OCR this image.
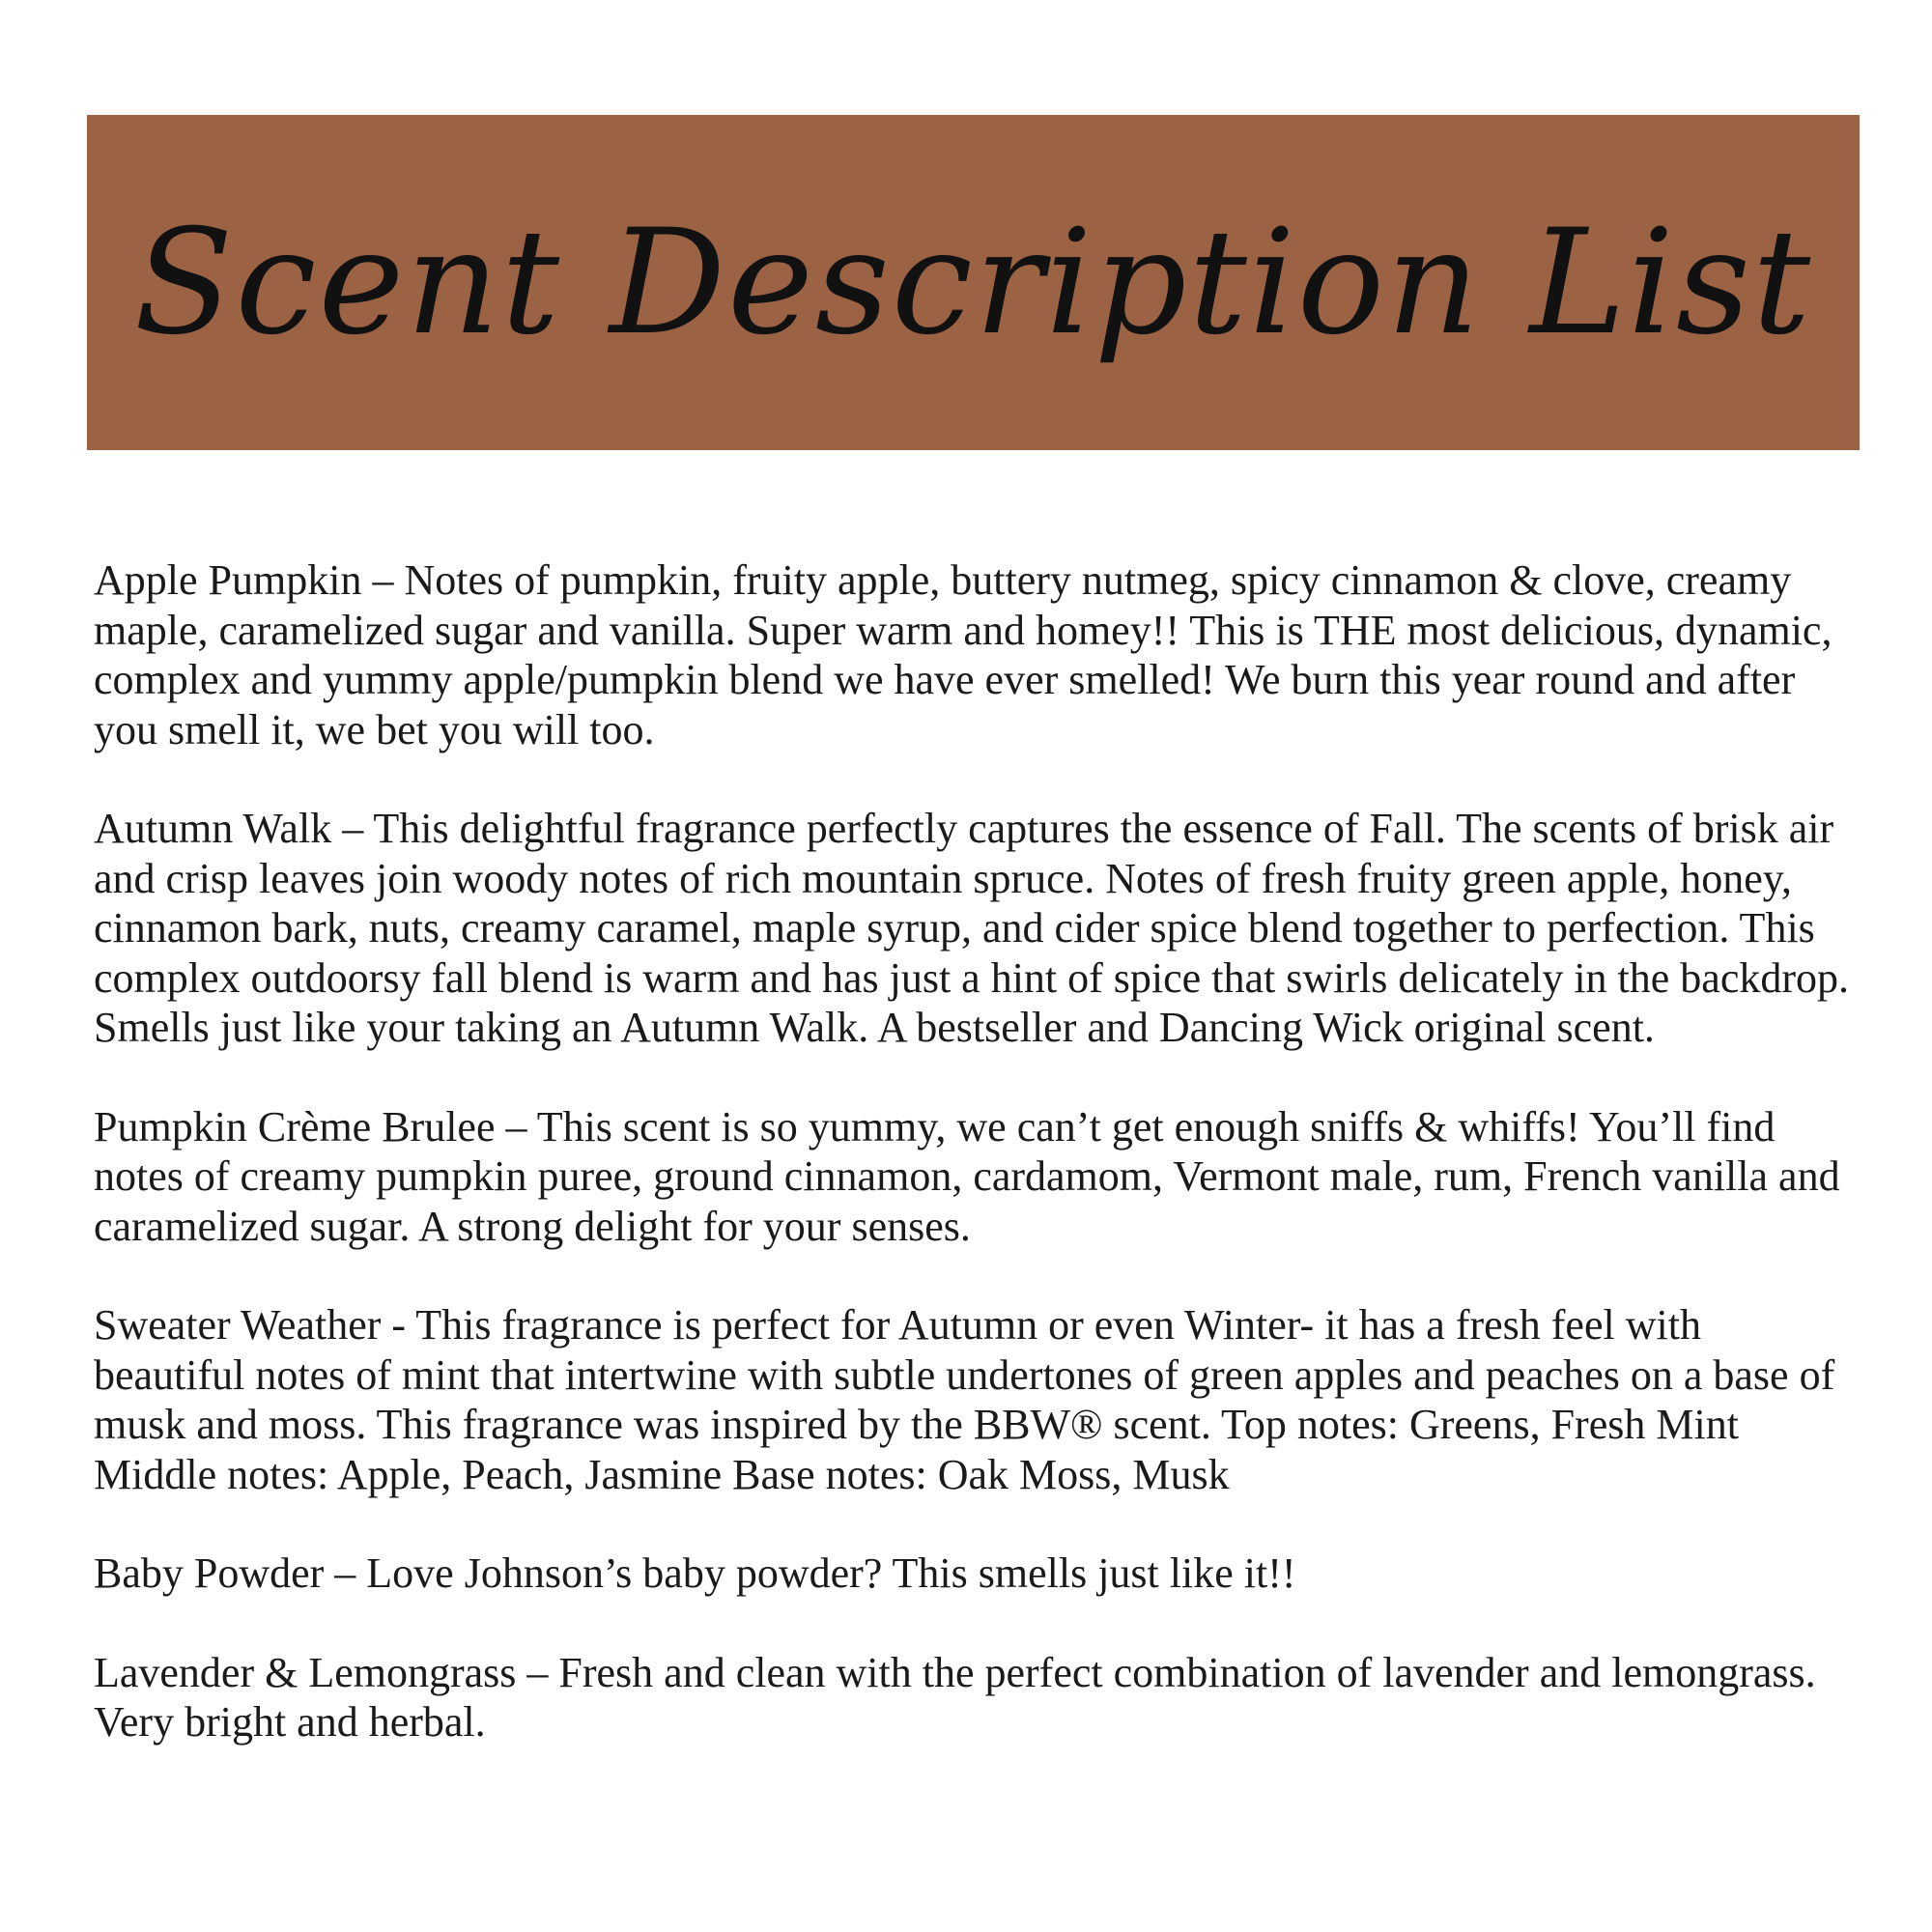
Scent Description List

Apple Pumpkin – Notes of pumpkin, fruity apple, buttery nutmeg, spicy cinnamon & clove, creamy maple, caramelized sugar and vanilla. Super warm and homey!! This is THE most delicious, dynamic, complex and yummy apple/pumpkin blend we have ever smelled! We burn this year round and after you smell it, we bet you will too.

Autumn Walk – This delightful fragrance perfectly captures the essence of Fall. The scents of brisk air and crisp leaves join woody notes of rich mountain spruce. Notes of fresh fruity green apple, honey, cinnamon bark, nuts, creamy caramel, maple syrup, and cider spice blend together to perfection. This complex outdoorsy fall blend is warm and has just a hint of spice that swirls delicately in the backdrop. Smells just like your taking an Autumn Walk. A bestseller and Dancing Wick original scent.

Pumpkin Crème Brulee – This scent is so yummy, we can’t get enough sniffs & whiffs! You’ll find notes of creamy pumpkin puree, ground cinnamon, cardamom, Vermont male, rum, French vanilla and caramelized sugar. A strong delight for your senses.

Sweater Weather - This fragrance is perfect for Autumn or even Winter- it has a fresh feel with beautiful notes of mint that intertwine with subtle undertones of green apples and peaches on a base of musk and moss. This fragrance was inspired by the BBW® scent. Top notes: Greens, Fresh Mint Middle notes: Apple, Peach, Jasmine Base notes: Oak Moss, Musk

Baby Powder – Love Johnson’s baby powder? This smells just like it!!

Lavender & Lemongrass – Fresh and clean with the perfect combination of lavender and lemongrass. Very bright and herbal.
